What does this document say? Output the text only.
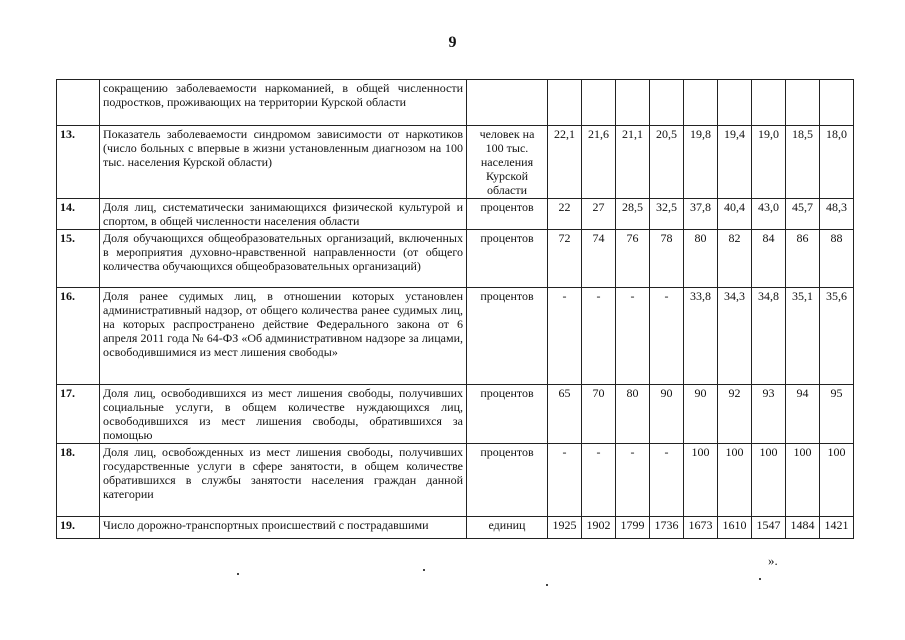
9
	сокращению заболеваемости наркоманией, в общей численности подростков, проживающих на территории Курской области										
13.	Показатель заболеваемости синдромом зависимости от наркотиков (число больных с впервые в жизни установленным диагнозом на 100 тыс. населения Курской области)	человек на 100 тыс. населения Курской области	22,1	21,6	21,1	20,5	19,8	19,4	19,0	18,5	18,0
14.	Доля лиц, систематически занимающихся физической культурой и спортом, в общей численности населения области	процентов	22	27	28,5	32,5	37,8	40,4	43,0	45,7	48,3
15.	Доля обучающихся общеобразовательных организаций, включенных в мероприятия духовно-нравственной направленности (от общего количества обучающихся общеобразовательных организаций)	процентов	72	74	76	78	80	82	84	86	88
16.	Доля ранее судимых лиц, в отношении которых установлен административный надзор, от общего количества ранее судимых лиц, на которых распространено действие Федерального закона от 6 апреля 2011 года № 64-ФЗ «Об административном надзоре за лицами, освободившимися из мест лишения свободы»	процентов	-	-	-	-	33,8	34,3	34,8	35,1	35,6
17.	Доля лиц, освободившихся из мест лишения свободы, получивших социальные услуги, в общем количестве нуждающихся лиц, освободившихся из мест лишения свободы, обратившихся за помощью	процентов	65	70	80	90	90	92	93	94	95
18.	Доля лиц, освобожденных из мест лишения свободы, получивших государственные услуги в сфере занятости, в общем количестве обратившихся в службы занятости населения граждан данной категории	процентов	-	-	-	-	100	100	100	100	100
19.	Число дорожно-транспортных происшествий с пострадавшими	единиц	1925	1902	1799	1736	1673	1610	1547	1484	1421
».
